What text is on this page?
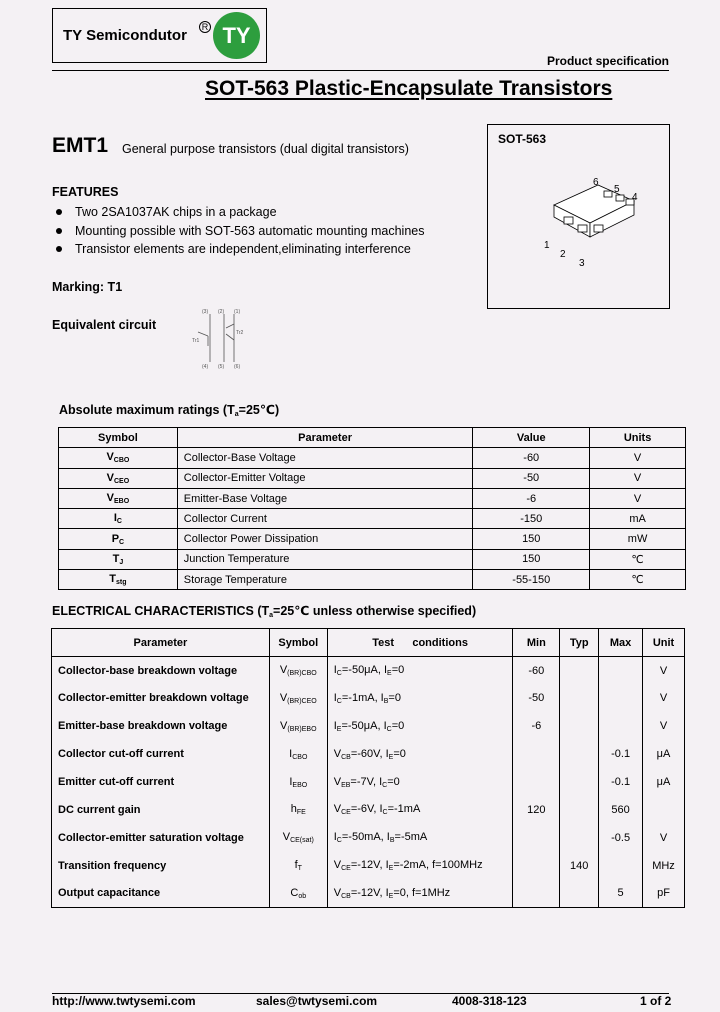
TY Semicondutor	R TY
Product specification
SOT-563 Plastic-Encapsulate Transistors
EMT1 General purpose transistors (dual digital transistors)
FEATURES
Two 2SA1037AK chips in a package
Mounting possible with SOT-563 automatic mounting machines
Transistor elements are independent,eliminating interference
Marking: T1
Equivalent circuit
(3) (2) (1)
(4) (5) (6)
Tr1
Tr2
SOT-563
6
5
4
1
2
3
Absolute maximum ratings $(T_a=25℃)$
Symbol	Parameter	Value	Units
$V_{CBO}$	Collector-Base Voltage	-60	V
$V_{CEO}$	Collector-Emitter Voltage	-50	V
$V_{EBO}$	Emitter-Base Voltage	-6	V
$I_C$	Collector Current	-150	mA
$P_C$	Collector Power Dissipation	150	mW
$T_J$	Junction Temperature	150	℃
$T_{stg}$	Storage Temperature	-55-150	℃
ELECTRICAL CHARACTERISTICS ($T_a=25℃$ unless otherwise specified)
Parameter	Symbol	Test      conditions	Min	Typ	Max	Unit
Collector-base breakdown voltage	$V_{(BR)CBO}$	$I_C=-50\mu A$, $I_E=0$	-60			V
Collector-emitter breakdown voltage	$V_{(BR)CEO}$	$I_C=-1mA$, $I_B=0$	-50			V
Emitter-base breakdown voltage	$V_{(BR)EBO}$	$I_E=-50\mu A$, $I_C=0$	-6			V
Collector cut-off current	$I_{CBO}$	$V_{CB}=-60V$, $I_E=0$			-0.1	μA
Emitter cut-off current	$I_{EBO}$	$V_{EB}=-7V$, $I_C=0$			-0.1	μA
DC current gain	$h_{FE}$	$V_{CE}=-6V$, $I_C=-1mA$	120		560	
Collector-emitter saturation voltage	$V_{CE(sat)}$	$I_C=-50mA$, $I_B=-5mA$			-0.5	V
Transition frequency	$f_T$	$V_{CE}=-12V$, $I_E=-2mA$, f=100MHz		140		MHz
Output capacitance	$C_{ob}$	$V_{CB}=-12V$, $I_E=0$, f=1MHz			5	pF
http://www.twtysemi.com	sales@twtysemi.com	4008-318-123	1 of 2
